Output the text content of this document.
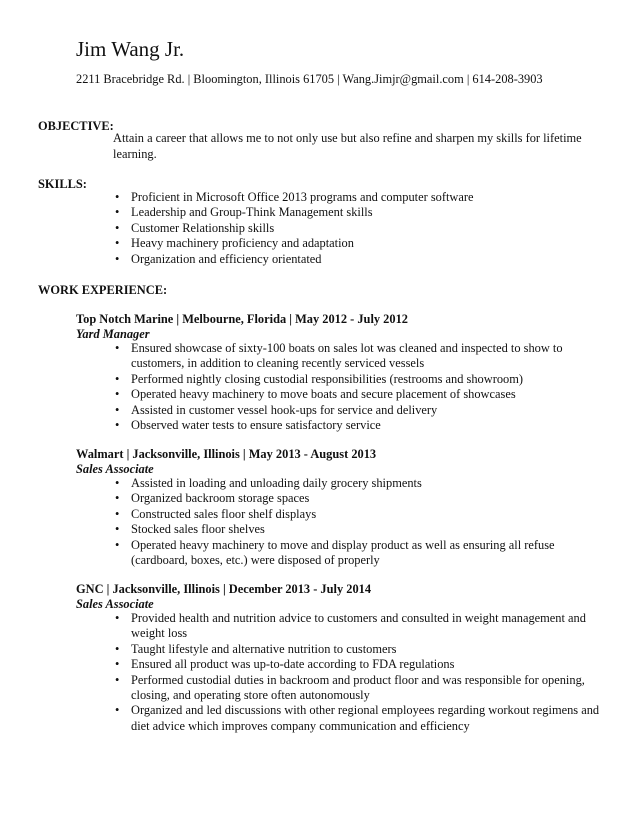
Jim Wang Jr.
2211 Bracebridge Rd. | Bloomington, Illinois 61705 | Wang.Jimjr@gmail.com | 614-208-3903
OBJECTIVE:
Attain a career that allows me to not only use but also refine and sharpen my skills for lifetime learning.
SKILLS:
• Proficient in Microsoft Office 2013 programs and computer software
• Leadership and Group-Think Management skills
• Customer Relationship skills
• Heavy machinery proficiency and adaptation
• Organization and efficiency orientated
WORK EXPERIENCE:
Top Notch Marine | Melbourne, Florida | May 2012 - July 2012
Yard Manager
• Ensured showcase of sixty-100 boats on sales lot was cleaned and inspected to show to customers, in addition to cleaning recently serviced vessels
• Performed nightly closing custodial responsibilities (restrooms and showroom)
• Operated heavy machinery to move boats and secure placement of showcases
• Assisted in customer vessel hook-ups for service and delivery
• Observed water tests to ensure satisfactory service
Walmart | Jacksonville, Illinois | May 2013 - August 2013
Sales Associate
• Assisted in loading and unloading daily grocery shipments
• Organized backroom storage spaces
• Constructed sales floor shelf displays
• Stocked sales floor shelves
• Operated heavy machinery to move and display product as well as ensuring all refuse (cardboard, boxes, etc.) were disposed of properly
GNC | Jacksonville, Illinois | December 2013 - July 2014
Sales Associate
• Provided health and nutrition advice to customers and consulted in weight management and weight loss
• Taught lifestyle and alternative nutrition to customers
• Ensured all product was up-to-date according to FDA regulations
• Performed custodial duties in backroom and product floor and was responsible for opening, closing, and operating store often autonomously
• Organized and led discussions with other regional employees regarding workout regimens and diet advice which improves company communication and efficiency
